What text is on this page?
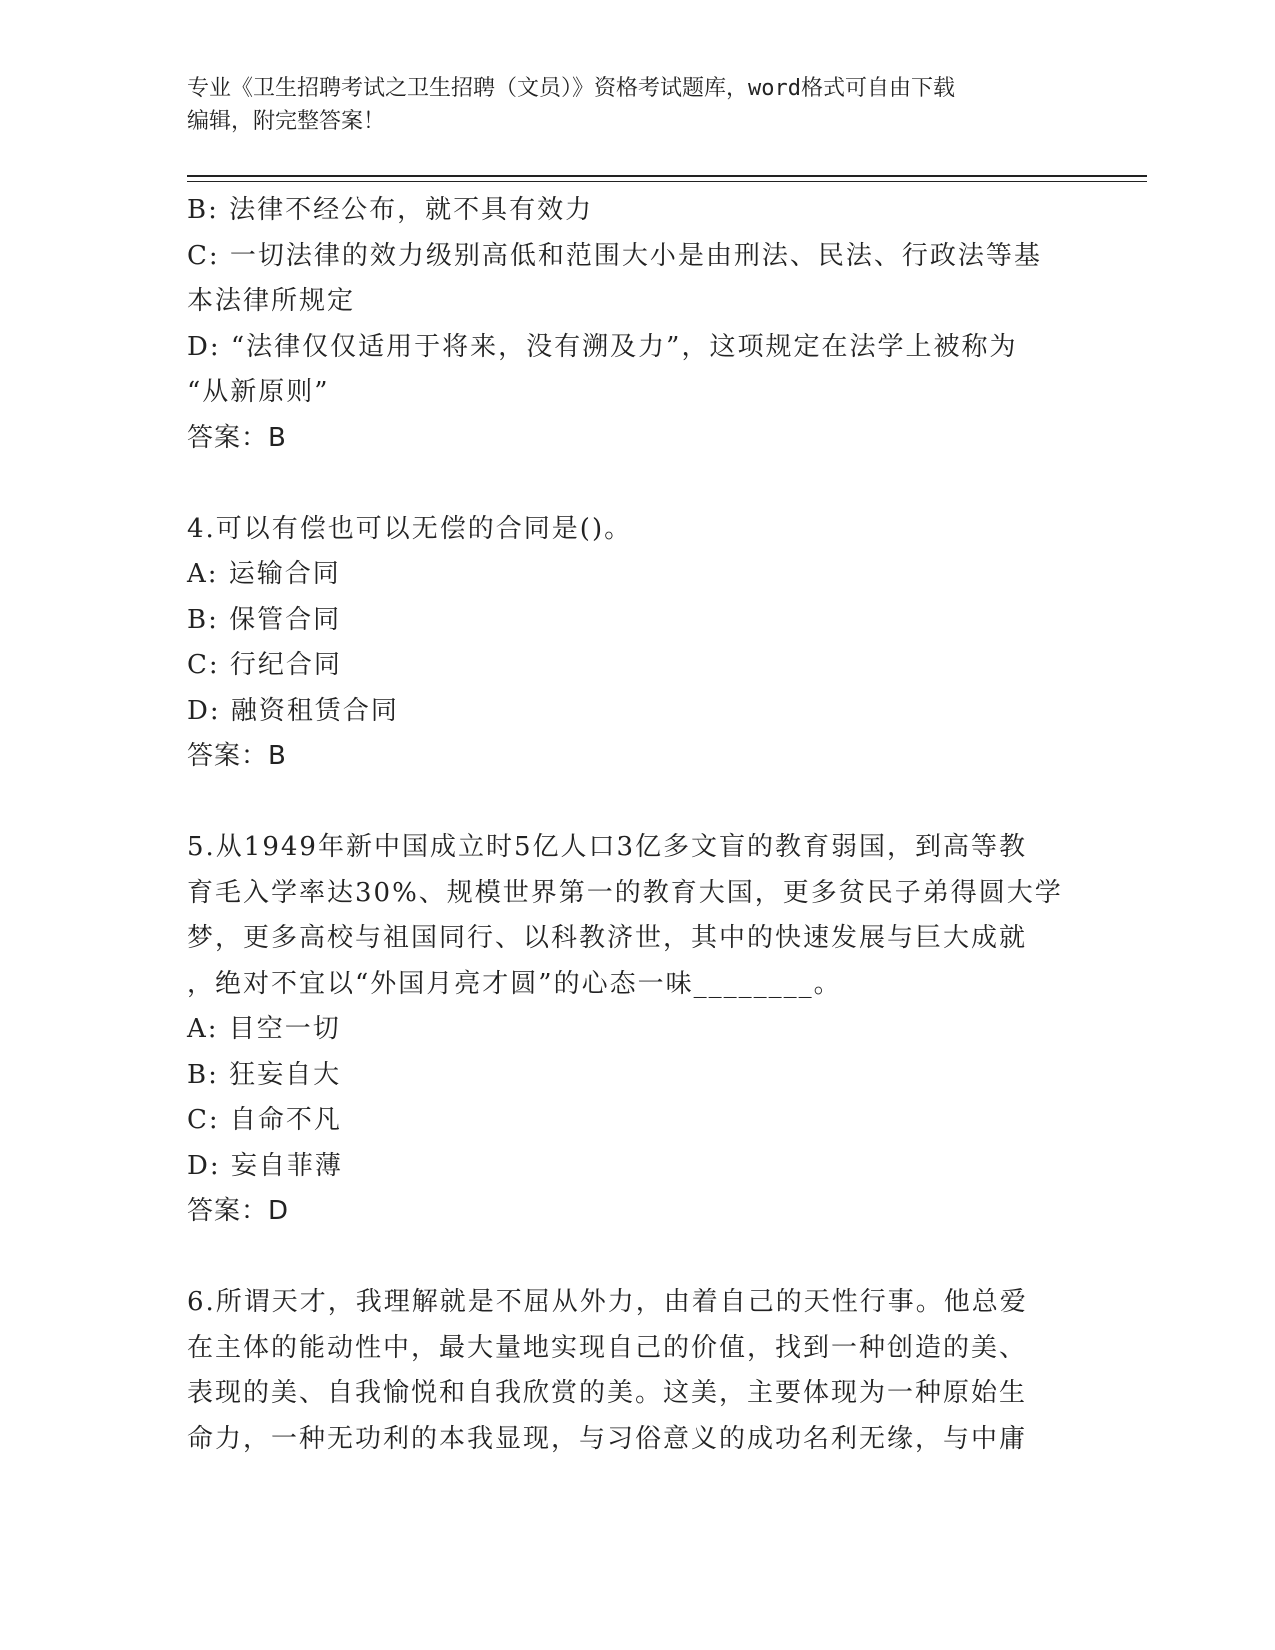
专业《卫生招聘考试之卫生招聘（文员）》资格考试题库，word格式可自由下载
编辑，附完整答案！
B: 法律不经公布，就不具有效力
C: 一切法律的效力级别高低和范围大小是由刑法、民法、行政法等基
本法律所规定
D: “法律仅仅适用于将来，没有溯及力”，这项规定在法学上被称为
“从新原则”
答案：B
4.可以有偿也可以无偿的合同是()。
A: 运输合同
B: 保管合同
C: 行纪合同
D: 融资租赁合同
答案：B
5.从1949年新中国成立时5亿人口3亿多文盲的教育弱国，到高等教
育毛入学率达30%、规模世界第一的教育大国，更多贫民子弟得圆大学
梦，更多高校与祖国同行、以科教济世，其中的快速发展与巨大成就
，绝对不宜以“外国月亮才圆”的心态一味________。
A: 目空一切
B: 狂妄自大
C: 自命不凡
D: 妄自菲薄
答案：D
6.所谓天才，我理解就是不屈从外力，由着自己的天性行事。他总爱
在主体的能动性中，最大量地实现自己的价值，找到一种创造的美、
表现的美、自我愉悦和自我欣赏的美。这美，主要体现为一种原始生
命力，一种无功利的本我显现，与习俗意义的成功名利无缘，与中庸
